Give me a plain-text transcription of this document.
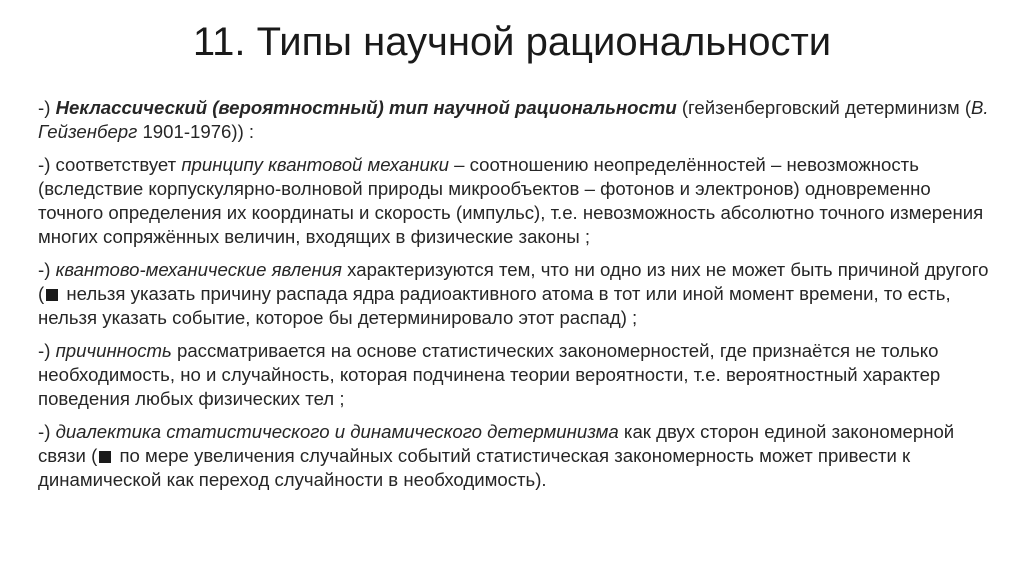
11. Типы научной рациональности

-) Неклассический (вероятностный) тип научной рациональности (гейзенберговский детерминизм (В. Гейзенберг 1901-1976)) :

-) соответствует принципу квантовой механики – соотношению неопределённостей – невозможность (вследствие корпускулярно-волновой природы микрообъектов – фотонов и электронов) одновременно точного определения их координаты и скорость (импульс), т.е. невозможность абсолютно точного измерения многих сопряжённых величин, входящих в физические законы ;

-) квантово-механические явления характеризуются тем, что ни одно из них не может быть причиной другого ( нельзя указать причину распада ядра радиоактивного атома в тот или иной момент времени, то есть, нельзя указать событие, которое бы детерминировало этот распад) ;

-) причинность рассматривается на основе статистических закономерностей, где признаётся не только необходимость, но и случайность, которая подчинена теории вероятности, т.е. вероятностный характер поведения любых физических тел ;

-) диалектика статистического и динамического детерминизма как двух сторон единой закономерной связи ( по мере увеличения случайных событий статистическая закономерность может привести к динамической как переход случайности в необходимость).
